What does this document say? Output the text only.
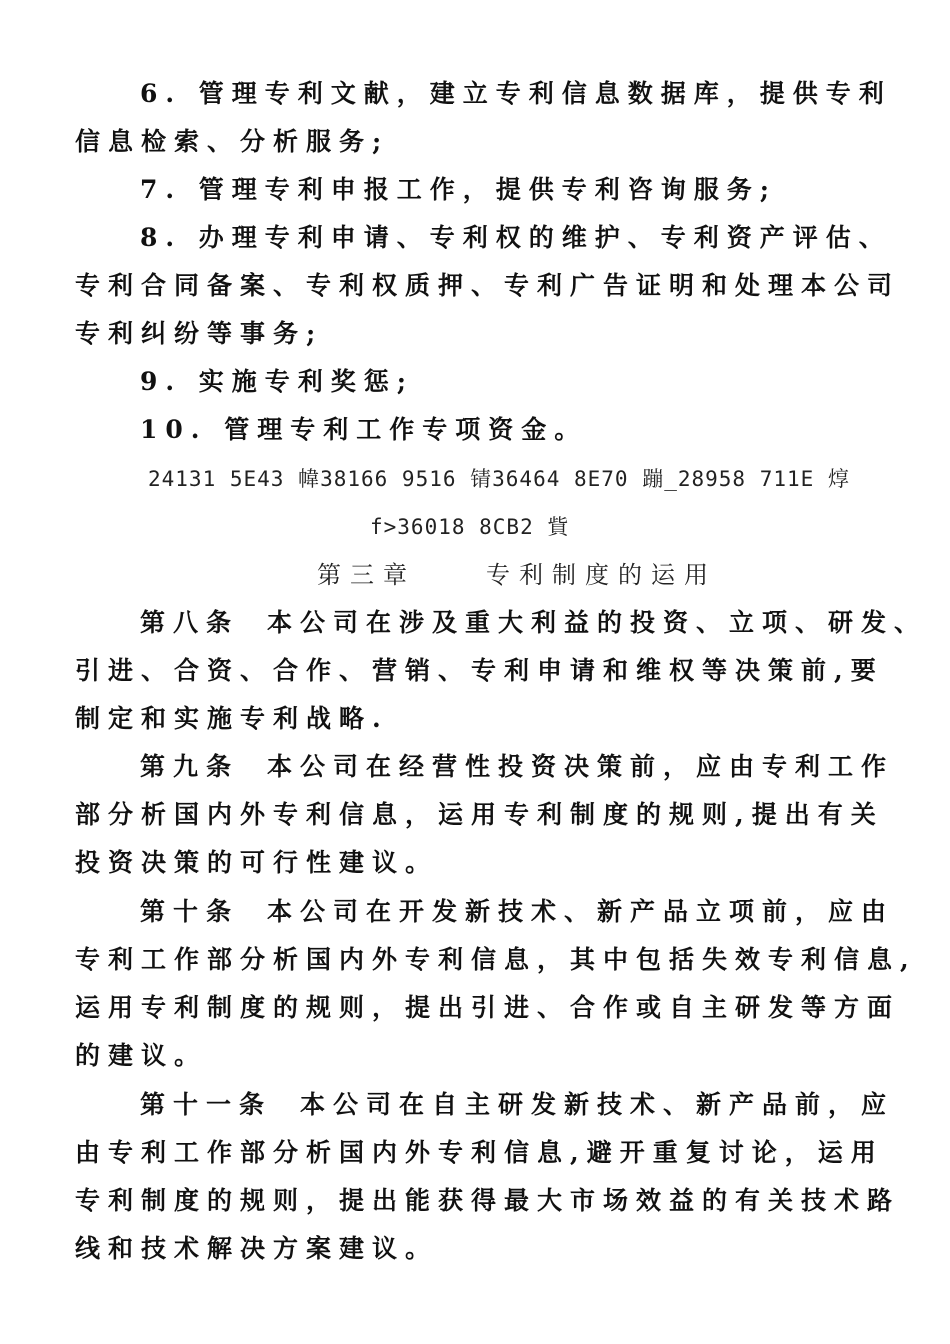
6. 管理专利文献，建立专利信息数据库，提供专利
信息检索、分析服务;
7. 管理专利申报工作，提供专利咨询服务;
8. 办理专利申请、专利权的维护、专利资产评估、
专利合同备案、专利权质押、专利广告证明和处理本公司
专利纠纷等事务;
9. 实施专利奖惩;
10. 管理专利工作专项资金。
24131 5E43 幃38166 9516 锖36464 8E70 蹦_28958 711E 焞
f>36018 8CB2 貲
第三章	专利制度的运用
第八条 本公司在涉及重大利益的投资、立项、研发、
引进、合资、合作、营销、专利申请和维权等决策前,要
制定和实施专利战略.
第九条 本公司在经营性投资决策前，应由专利工作
部分析国内外专利信息，运用专利制度的规则,提出有关
投资决策的可行性建议。
第十条 本公司在开发新技术、新产品立项前，应由
专利工作部分析国内外专利信息，其中包括失效专利信息,
运用专利制度的规则，提出引进、合作或自主研发等方面
的建议。
第十一条 本公司在自主研发新技术、新产品前，应
由专利工作部分析国内外专利信息,避开重复讨论，运用
专利制度的规则，提出能获得最大市场效益的有关技术路
线和技术解决方案建议。
